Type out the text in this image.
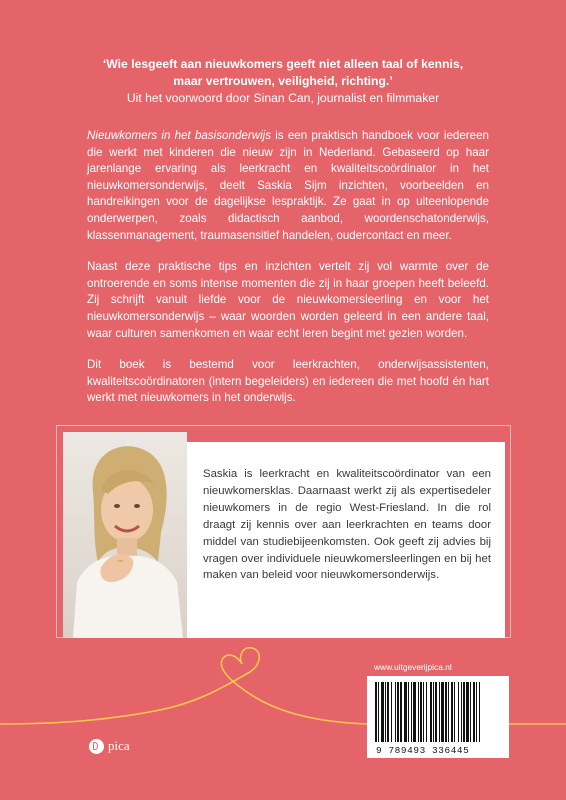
‘Wie lesgeeft aan nieuwkomers geeft niet alleen taal of kennis,
maar vertrouwen, veiligheid, richting.’
Uit het voorwoord door Sinan Can, journalist en filmmaker

Nieuwkomers in het basisonderwijs is een praktisch handboek voor iedereen die werkt met kinderen die nieuw zijn in Nederland. Gebaseerd op haar jarenlange ervaring als leerkracht en kwaliteitscoördinator in het nieuwkomersonderwijs, deelt Saskia Sijm inzichten, voorbeelden en handreikingen voor de dagelijkse lespraktijk. Ze gaat in op uiteenlopende onderwerpen, zoals didactisch aanbod, woordenschatonderwijs, klassenmanagement, traumasensitief handelen, oudercontact en meer.

Naast deze praktische tips en inzichten vertelt zij vol warmte over de ontroerende en soms intense momenten die zij in haar groepen heeft beleefd. Zij schrijft vanuit liefde voor de nieuwkomersleerling en voor het nieuwkomersonderwijs – waar woorden worden geleerd in een andere taal, waar culturen samenkomen en waar echt leren begint met gezien worden.

Dit boek is bestemd voor leerkrachten, onderwijsassistenten, kwaliteitscoördinatoren (intern begeleiders) en iedereen die met hoofd én hart werkt met nieuwkomers in het onderwijs.

Saskia is leerkracht en kwaliteitscoördinator van een nieuwkomersklas. Daarnaast werkt zij als expertisedeler nieuwkomers in de regio West-Friesland. In die rol draagt zij kennis over aan leerkrachten en teams door middel van studiebijeenkomsten. Ook geeft zij advies bij vragen over individuele nieuwkomersleerlingen en bij het maken van beleid voor nieuwkomersonderwijs.
www.uitgeverijpica.nl
9 789493 336445
pica
